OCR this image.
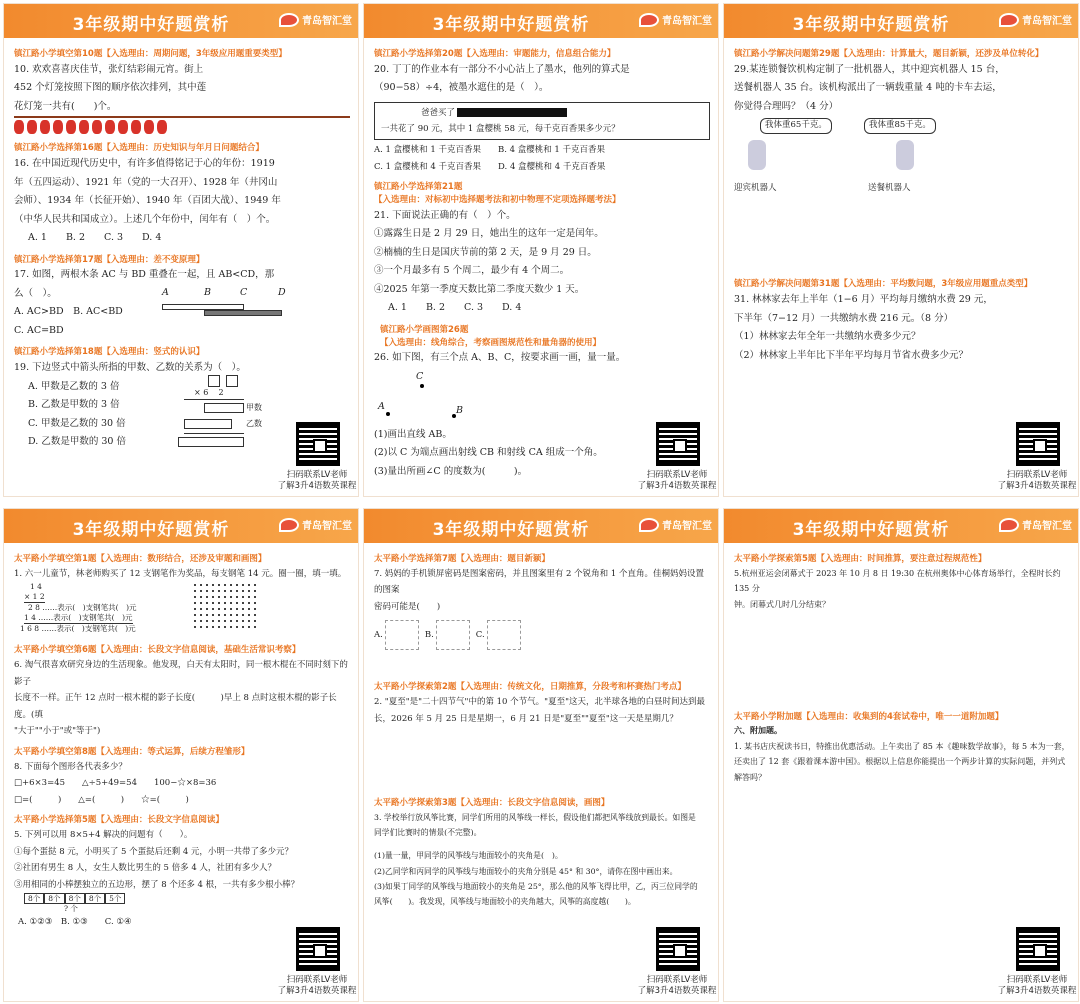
3年级期中好题赏析	青岛智汇堂
镇江路小学填空第10题【入选理由：周期问题，3年级应用题重要类型】

10. 欢欢喜喜庆佳节，张灯结彩闹元宵。街上

452 个灯笼按照下图的顺序依次排列，其中莲

花灯笼一共有(　　)个。

镇江路小学选择第16题【入选理由：历史知识与年月日问题结合】

16. 在中国近现代历史中，有许多值得铭记于心的年份：1919

年（五四运动）、1921 年（党的一大召开）、1928 年（井冈山

会师）、1934 年（长征开始）、1940 年（百团大战）、1949 年

（中华人民共和国成立）。上述几个年份中，闰年有（　）个。

A. 1　　B. 2　　C. 3　　D. 4

镇江路小学选择第17题【入选理由：差不变原理】

17. 如图，两根木条 AC 与 BD 重叠在一起，且 AB<CD，那

么（　）。

A. AC>BD　B. AC<BD

C. AC=BD

A	B	C	D
镇江路小学选择第18题【入选理由：竖式的认识】

19. 下边竖式中箭头所指的甲数、乙数的关系为（　）。

A. 甲数是乙数的 3 倍

B. 乙数是甲数的 3 倍

C. 甲数是乙数的 30 倍

D. 乙数是甲数的 30 倍

× 6 2
甲数
乙数
扫码联系LV老师
了解3升4语数英课程
3年级期中好题赏析	青岛智汇堂
镇江路小学选择第20题【入选理由：审题能力，信息组合能力】

20. 丁丁的作业本有一部分不小心沾上了墨水，他列的算式是

（90−58）÷4，被墨水遮住的是（　）。

爸爸买了
一共花了 90 元，其中 1 盒樱桃 58 元，每千克百香果多少元？

A. 1 盒樱桃和 1 千克百香果　　B. 4 盒樱桃和 1 千克百香果

C. 1 盒樱桃和 4 千克百香果　　D. 4 盒樱桃和 4 千克百香果

镇江路小学选择第21题
【入选理由：对标初中选择题考法和初中物理不定项选择题考法】

21. 下面说法正确的有（　）个。

①露露生日是 2 月 29 日，她出生的这年一定是闰年。

②楠楠的生日是国庆节前的第 2 天，是 9 月 29 日。

③一个月最多有 5 个周二，最少有 4 个周二。

④2025 年第一季度天数比第二季度天数少 1 天。

A. 1　　B. 2　　C. 3　　D. 4

镇江路小学画图第26题
【入选理由：线角综合，考察画图规范性和量角器的使用】

26. 如下图，有三个点 A、B、C，按要求画一画，量一量。

C
A	B

(1)画出直线 AB。

(2)以 C 为端点画出射线 CB 和射线 CA 组成一个角。

(3)量出所画∠C 的度数为(　　　)。	扫码联系LV老师
了解3升4语数英课程
3年级期中好题赏析	青岛智汇堂
镇江路小学解决问题第29题【入选理由：计算量大，题目新颖，还涉及单位转化】

29.某连锁餐饮机构定制了一批机器人，其中迎宾机器人 15 台，

送餐机器人 35 台。该机构派出了一辆载重量 4 吨的卡车去运，

你觉得合理吗？（4 分）

我体重65千克。
迎宾机器人
我体重85千克。
送餐机器人
镇江路小学解决问题第31题【入选理由：平均数问题，3年级应用题重点类型】

31. 林林家去年上半年（1−6 月）平均每月缴纳水费 29 元，

下半年（7−12 月）一共缴纳水费 216 元。（8 分）

（1）林林家去年全年一共缴纳水费多少元？

（2）林林家上半年比下半年平均每月节省水费多少元？

扫码联系LV老师
了解3升4语数英课程
3年级期中好题赏析	青岛智汇堂
太平路小学填空第1题【入选理由：数形结合，还涉及审题和画图】

1. 六一儿童节，林老师购买了 12 支钢笔作为奖品，每支钢笔 14 元。圈一圈，填一填。

1 4
× 1 2
2 8 ……表示(　)支钢笔共(　)元
1 4 ……表示(　)支钢笔共(　)元
1 6 8 ……表示(　)支钢笔共(　)元
太平路小学填空第6题【入选理由：长段文字信息阅读，基础生活常识考察】

6. 淘气很喜欢研究身边的生活现象。他发现，白天有太阳时，同一根木棍在不同时刻下的影子

长度不一样。正午 12 点时一根木棍的影子长度(　　　)早上 8 点时这根木棍的影子长度。(填

"大于""小于"或"等于")

太平路小学填空第8题【入选理由：等式运算，后续方程雏形】

8. 下面每个图形各代表多少？

□+6×3=45　　△÷5+49=54　　100−☆×8=36

□=(　　　)　　△=(　　　)　　☆=(　　　)

太平路小学选择第5题【入选理由：长段文字信息阅读】

5. 下列可以用 8×5+4 解决的问题有（　　）。

①每个蛋挞 8 元，小明买了 5 个蛋挞后还剩 4 元，小明一共带了多少元？

②社团有男生 8 人，女生人数比男生的 5 倍多 4 人，社团有多少人？

③用相同的小棒摆独立的五边形，摆了 8 个还多 4 根，一共有多少根小棒？

8个	8个	8个	8个	5个
? 个

A. ①②③　B. ①③　　C. ①④

扫码联系LV老师
了解3升4语数英课程
3年级期中好题赏析	青岛智汇堂
太平路小学选择第7题【入选理由：题目新颖】

7. 妈妈的手机锁屏密码是图案密码，并且图案里有 2 个锐角和 1 个直角。佳桐妈妈设置的图案

密码可能是(　　)

A.	B.	C.
太平路小学探索第2题【入选理由：传统文化，日期推算，分段考和杯赛热门考点】

2. "夏至"是"二十四节气"中的第 10 个节气。"夏至"这天，北半球各地的白昼时间达到最

长，2026 年 5 月 25 日是星期一，6 月 21 日是"夏至""夏至"这一天是星期几？

太平路小学探索第3题【入选理由：长段文字信息阅读，画图】

3. 学校举行放风筝比赛，同学们所用的风筝线一样长，假设他们都把风筝线放到最长。如图是

同学们比赛时的情景(不完整)。

(1)量一量，甲同学的风筝线与地面较小的夹角是(　)。

(2)乙同学和丙同学的风筝线与地面较小的夹角分别是 45° 和 30°，请你在图中画出来。

(3)如果丁同学的风筝线与地面较小的夹角是 25°，那么他的风筝飞得比甲，乙，丙三位同学的

风筝(　　)。我发现，风筝线与地面较小的夹角越大，风筝的高度越(　　)。

扫码联系LV老师
了解3升4语数英课程
3年级期中好题赏析	青岛智汇堂
太平路小学探索第5题【入选理由：时间推算，要注意过程规范性】

5.杭州亚运会闭幕式于 2023 年 10 月 8 日 19:30 在杭州奥体中心体育场举行，全程时长约 135 分

钟。闭幕式几时几分结束？

太平路小学附加题【入选理由：收集到的4套试卷中，唯一一道附加题】

六、附加题。

1. 某书店庆祝读书日，特推出优惠活动。上午卖出了 85 本《趣味数学故事》，每 5 本为一套，

还卖出了 12 套《跟着课本游中国》。根据以上信息你能提出一个两步计算的实际问题，并列式

解答吗？

扫码联系LV老师
了解3升4语数英课程
